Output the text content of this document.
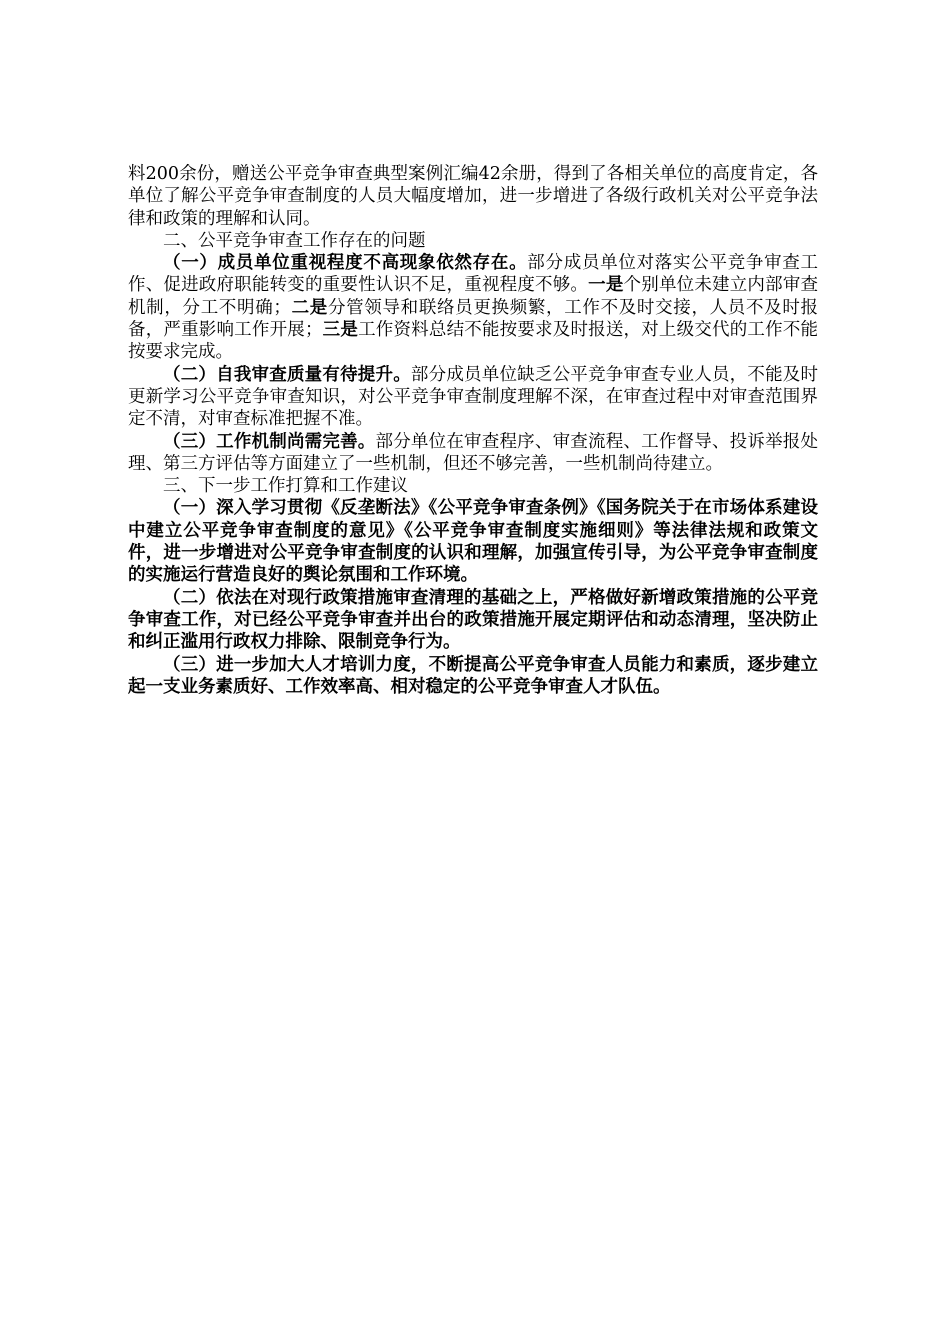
料200余份，赠送公平竞争审查典型案例汇编42余册，得到了各相关单位的高度肯定，各单位了解公平竞争审查制度的人员大幅度增加，进一步增进了各级行政机关对公平竞争法律和政策的理解和认同。

二、公平竞争审查工作存在的问题

（一）成员单位重视程度不高现象依然存在。部分成员单位对落实公平竞争审查工作、促进政府职能转变的重要性认识不足，重视程度不够。一是个别单位未建立内部审查机制，分工不明确；二是分管领导和联络员更换频繁，工作不及时交接，人员不及时报备，严重影响工作开展；三是工作资料总结不能按要求及时报送，对上级交代的工作不能按要求完成。

（二）自我审查质量有待提升。部分成员单位缺乏公平竞争审查专业人员，不能及时更新学习公平竞争审查知识，对公平竞争审查制度理解不深，在审查过程中对审查范围界定不清，对审查标准把握不准。

（三）工作机制尚需完善。部分单位在审查程序、审查流程、工作督导、投诉举报处理、第三方评估等方面建立了一些机制，但还不够完善，一些机制尚待建立。

三、下一步工作打算和工作建议

（一）深入学习贯彻《反垄断法》《公平竞争审查条例》《国务院关于在市场体系建设中建立公平竞争审查制度的意见》《公平竞争审查制度实施细则》等法律法规和政策文件，进一步增进对公平竞争审查制度的认识和理解，加强宣传引导，为公平竞争审查制度的实施运行营造良好的舆论氛围和工作环境。

（二）依法在对现行政策措施审查清理的基础之上，严格做好新增政策措施的公平竞争审查工作，对已经公平竞争审查并出台的政策措施开展定期评估和动态清理，坚决防止和纠正滥用行政权力排除、限制竞争行为。

（三）进一步加大人才培训力度，不断提高公平竞争审查人员能力和素质，逐步建立起一支业务素质好、工作效率高、相对稳定的公平竞争审查人才队伍。
